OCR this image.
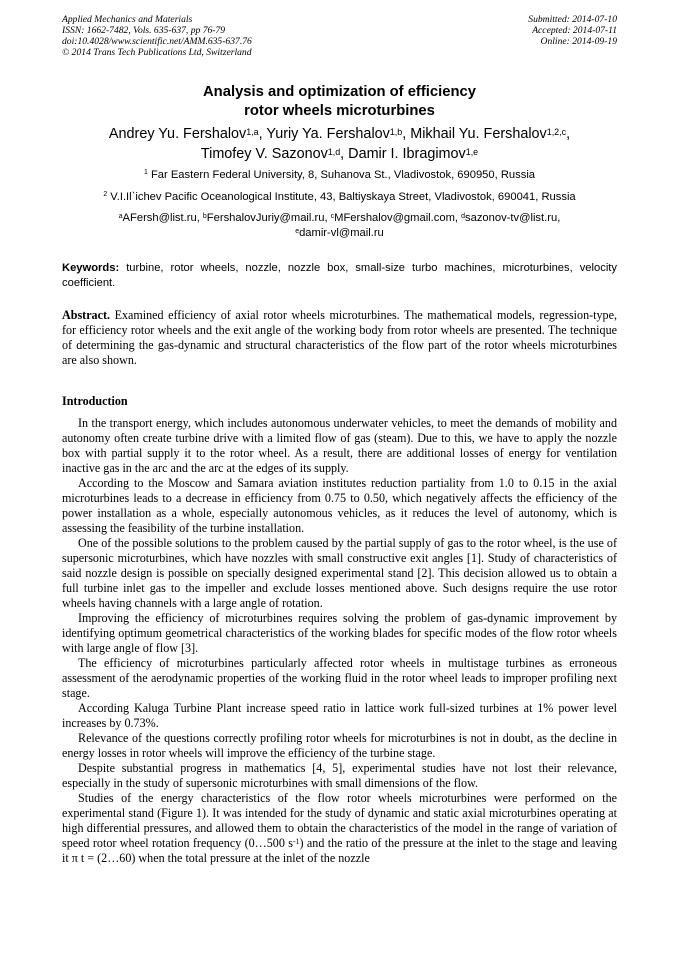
Applied Mechanics and Materials
ISSN: 1662-7482, Vols. 635-637, pp 76-79
doi:10.4028/www.scientific.net/AMM.635-637.76
© 2014 Trans Tech Publications Ltd, Switzerland
Submitted: 2014-07-10
Accepted: 2014-07-11
Online: 2014-09-19
Analysis and optimization of efficiency
rotor wheels microturbines
Andrey Yu. Fershalov$^{1,a}$, Yuriy Ya. Fershalov$^{1,b}$, Mikhail Yu. Fershalov$^{1,2,c}$,
Timofey V. Sazonov$^{1,d}$, Damir I. Ibragimov$^{1,e}$
$^1$ Far Eastern Federal University, 8, Suhanova St., Vladivostok, 690950, Russia
$^2$ V.I.Il`ichev Pacific Oceanological Institute, 43, Baltiyskaya Street, Vladivostok, 690041, Russia
$^a$AFersh@list.ru, $^b$FershalovJuriy@mail.ru, $^c$MFershalov@gmail.com, $^d$sazonov-tv@list.ru,
$^e$damir-vl@mail.ru
Keywords: turbine, rotor wheels, nozzle, nozzle box, small-size turbo machines, microturbines, velocity coefficient.
Abstract. Examined efficiency of axial rotor wheels microturbines. The mathematical models, regression-type, for efficiency rotor wheels and the exit angle of the working body from rotor wheels are presented. The technique of determining the gas-dynamic and structural characteristics of the flow part of the rotor wheels microturbines are also shown.
Introduction

In the transport energy, which includes autonomous underwater vehicles, to meet the demands of mobility and autonomy often create turbine drive with a limited flow of gas (steam). Due to this, we have to apply the nozzle box with partial supply it to the rotor wheel. As a result, there are additional losses of energy for ventilation inactive gas in the arc and the arc at the edges of its supply.

According to the Moscow and Samara aviation institutes reduction partiality from 1.0 to 0.15 in the axial microturbines leads to a decrease in efficiency from 0.75 to 0.50, which negatively affects the efficiency of the power installation as a whole, especially autonomous vehicles, as it reduces the level of autonomy, which is assessing the feasibility of the turbine installation.

One of the possible solutions to the problem caused by the partial supply of gas to the rotor wheel, is the use of supersonic microturbines, which have nozzles with small constructive exit angles [1]. Study of characteristics of said nozzle design is possible on specially designed experimental stand [2]. This decision allowed us to obtain a full turbine inlet gas to the impeller and exclude losses mentioned above. Such designs require the use rotor wheels having channels with a large angle of rotation.

Improving the efficiency of microturbines requires solving the problem of gas-dynamic improvement by identifying optimum geometrical characteristics of the working blades for specific modes of the flow rotor wheels with large angle of flow [3].

The efficiency of microturbines particularly affected rotor wheels in multistage turbines as erroneous assessment of the aerodynamic properties of the working fluid in the rotor wheel leads to improper profiling next stage.

According Kaluga Turbine Plant increase speed ratio in lattice work full-sized turbines at 1% power level increases by 0.73%.

Relevance of the questions correctly profiling rotor wheels for microturbines is not in doubt, as the decline in energy losses in rotor wheels will improve the efficiency of the turbine stage.

Despite substantial progress in mathematics [4, 5], experimental studies have not lost their relevance, especially in the study of supersonic microturbines with small dimensions of the flow.

Studies of the energy characteristics of the flow rotor wheels microturbines were performed on the experimental stand (Figure 1). It was intended for the study of dynamic and static axial microturbines operating at high differential pressures, and allowed them to obtain the characteristics of the model in the range of variation of speed rotor wheel rotation frequency (0…500 $s^{-1}$) and the ratio of the pressure at the inlet to the stage and leaving it π t = (2…60) when the total pressure at the inlet of the nozzle
